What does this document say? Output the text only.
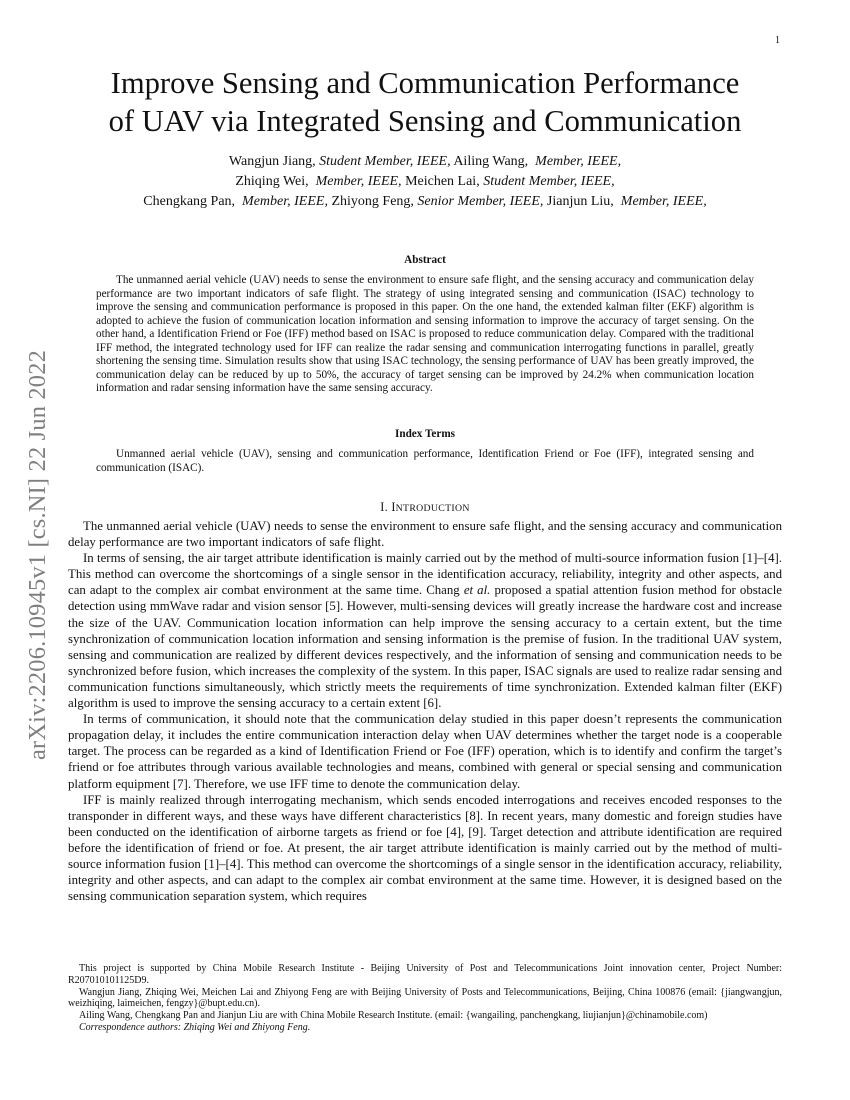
1
arXiv:2206.10945v1 [cs.NI] 22 Jun 2022
Improve Sensing and Communication Performance
of UAV via Integrated Sensing and Communication
Wangjun Jiang, Student Member, IEEE, Ailing Wang,  Member, IEEE,
Zhiqing Wei,  Member, IEEE, Meichen Lai, Student Member, IEEE,
Chengkang Pan,  Member, IEEE, Zhiyong Feng, Senior Member, IEEE, Jianjun Liu,  Member, IEEE,
Abstract

The unmanned aerial vehicle (UAV) needs to sense the environment to ensure safe flight, and the sensing accuracy and communication delay performance are two important indicators of safe flight. The strategy of using integrated sensing and communication (ISAC) technology to improve the sensing and communication performance is proposed in this paper. On the one hand, the extended kalman filter (EKF) algorithm is adopted to achieve the fusion of communication location information and sensing information to improve the accuracy of target sensing. On the other hand, a Identification Friend or Foe (IFF) method based on ISAC is proposed to reduce communication delay. Compared with the traditional IFF method, the integrated technology used for IFF can realize the radar sensing and communication interrogating functions in parallel, greatly shortening the sensing time. Simulation results show that using ISAC technology, the sensing performance of UAV has been greatly improved, the communication delay can be reduced by up to 50%, the accuracy of target sensing can be improved by 24.2% when communication location information and radar sensing information have the same sensing accuracy.

Index Terms

Unmanned aerial vehicle (UAV), sensing and communication performance, Identification Friend or Foe (IFF), integrated sensing and communication (ISAC).

I. INTRODUCTION

The unmanned aerial vehicle (UAV) needs to sense the environment to ensure safe flight, and the sensing accuracy and communication delay performance are two important indicators of safe flight.

In terms of sensing, the air target attribute identification is mainly carried out by the method of multi-source information fusion [1]–[4]. This method can overcome the shortcomings of a single sensor in the identification accuracy, reliability, integrity and other aspects, and can adapt to the complex air combat environment at the same time. Chang et al. proposed a spatial attention fusion method for obstacle detection using mmWave radar and vision sensor [5]. However, multi-sensing devices will greatly increase the hardware cost and increase the size of the UAV. Communication location information can help improve the sensing accuracy to a certain extent, but the time synchronization of communication location information and sensing information is the premise of fusion. In the traditional UAV system, sensing and communication are realized by different devices respectively, and the information of sensing and communication needs to be synchronized before fusion, which increases the complexity of the system. In this paper, ISAC signals are used to realize radar sensing and communication functions simultaneously, which strictly meets the requirements of time synchronization. Extended kalman filter (EKF) algorithm is used to improve the sensing accuracy to a certain extent [6].

In terms of communication, it should note that the communication delay studied in this paper doesn’t represents the communication propagation delay, it includes the entire communication interaction delay when UAV determines whether the target node is a cooperable target. The process can be regarded as a kind of Identification Friend or Foe (IFF) operation, which is to identify and confirm the target’s friend or foe attributes through various available technologies and means, combined with general or special sensing and communication platform equipment [7]. Therefore, we use IFF time to denote the communication delay.

IFF is mainly realized through interrogating mechanism, which sends encoded interrogations and receives encoded responses to the transponder in different ways, and these ways have different characteristics [8]. In recent years, many domestic and foreign studies have been conducted on the identification of airborne targets as friend or foe [4], [9]. Target detection and attribute identification are required before the identification of friend or foe. At present, the air target attribute identification is mainly carried out by the method of multi-source information fusion [1]–[4]. This method can overcome the shortcomings of a single sensor in the identification accuracy, reliability, integrity and other aspects, and can adapt to the complex air combat environment at the same time. However, it is designed based on the sensing communication separation system, which requires

This project is supported by China Mobile Research Institute - Beijing University of Post and Telecommunications Joint innovation center, Project Number: R207010101125D9.

Wangjun Jiang, Zhiqing Wei, Meichen Lai and Zhiyong Feng are with Beijing University of Posts and Telecommunications, Beijing, China 100876 (email: {jiangwangjun, weizhiqing, laimeichen, fengzy}@bupt.edu.cn).

Ailing Wang, Chengkang Pan and Jianjun Liu are with China Mobile Research Institute. (email: {wangailing, panchengkang, liujianjun}@chinamobile.com)

Correspondence authors: Zhiqing Wei and Zhiyong Feng.
